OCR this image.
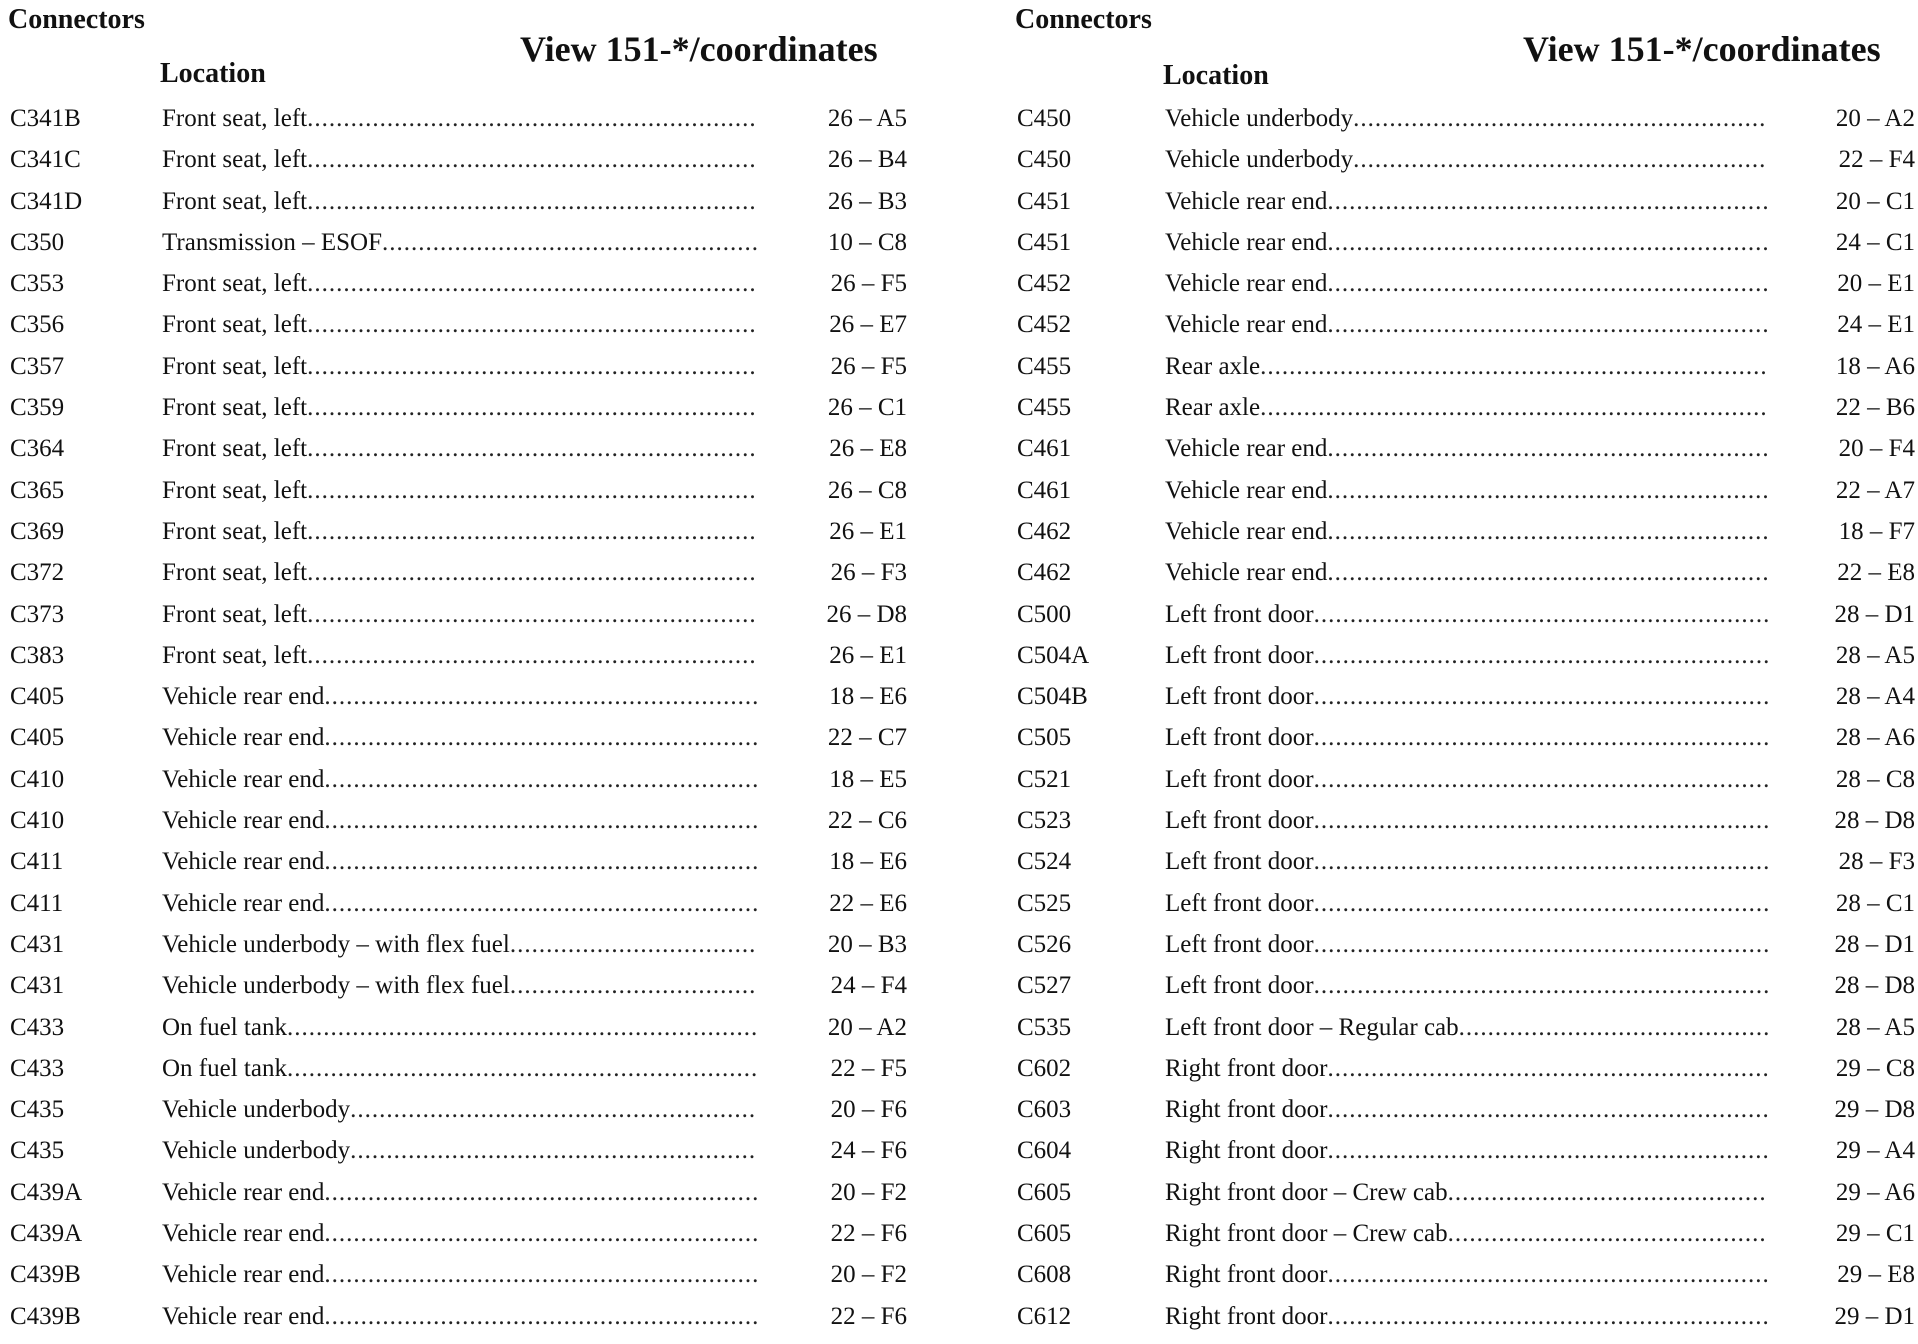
Connectors
Location
View 151-*/coordinates
C341B	Front seat, left .....	26 – A5
C341C	Front seat, left .....	26 – B4
C341D	Front seat, left .....	26 – B3
C350	Transmission – ESOF .....	10 – C8
C353	Front seat, left .....	26 – F5
C356	Front seat, left .....	26 – E7
C357	Front seat, left .....	26 – F5
C359	Front seat, left .....	26 – C1
C364	Front seat, left .....	26 – E8
C365	Front seat, left .....	26 – C8
C369	Front seat, left .....	26 – E1
C372	Front seat, left .....	26 – F3
C373	Front seat, left .....	26 – D8
C383	Front seat, left .....	26 – E1
C405	Vehicle rear end .....	18 – E6
C405	Vehicle rear end .....	22 – C7
C410	Vehicle rear end .....	18 – E5
C410	Vehicle rear end .....	22 – C6
C411	Vehicle rear end .....	18 – E6
C411	Vehicle rear end .....	22 – E6
C431	Vehicle underbody – with flex fuel .....	20 – B3
C431	Vehicle underbody – with flex fuel .....	24 – F4
C433	On fuel tank .....	20 – A2
C433	On fuel tank .....	22 – F5
C435	Vehicle underbody .....	20 – F6
C435	Vehicle underbody .....	24 – F6
C439A	Vehicle rear end .....	20 – F2
C439A	Vehicle rear end .....	22 – F6
C439B	Vehicle rear end .....	20 – F2
C439B	Vehicle rear end .....	22 – F6
Connectors
Location
View 151-*/coordinates
C450	Vehicle underbody .....	20 – A2
C450	Vehicle underbody .....	22 – F4
C451	Vehicle rear end .....	20 – C1
C451	Vehicle rear end .....	24 – C1
C452	Vehicle rear end .....	20 – E1
C452	Vehicle rear end .....	24 – E1
C455	Rear axle .....	18 – A6
C455	Rear axle .....	22 – B6
C461	Vehicle rear end .....	20 – F4
C461	Vehicle rear end .....	22 – A7
C462	Vehicle rear end .....	18 – F7
C462	Vehicle rear end .....	22 – E8
C500	Left front door .....	28 – D1
C504A	Left front door .....	28 – A5
C504B	Left front door .....	28 – A4
C505	Left front door .....	28 – A6
C521	Left front door .....	28 – C8
C523	Left front door .....	28 – D8
C524	Left front door .....	28 – F3
C525	Left front door .....	28 – C1
C526	Left front door .....	28 – D1
C527	Left front door .....	28 – D8
C535	Left front door – Regular cab .....	28 – A5
C602	Right front door .....	29 – C8
C603	Right front door .....	29 – D8
C604	Right front door .....	29 – A4
C605	Right front door – Crew cab .....	29 – A6
C605	Right front door – Crew cab .....	29 – C1
C608	Right front door .....	29 – E8
C612	Right front door .....	29 – D1
